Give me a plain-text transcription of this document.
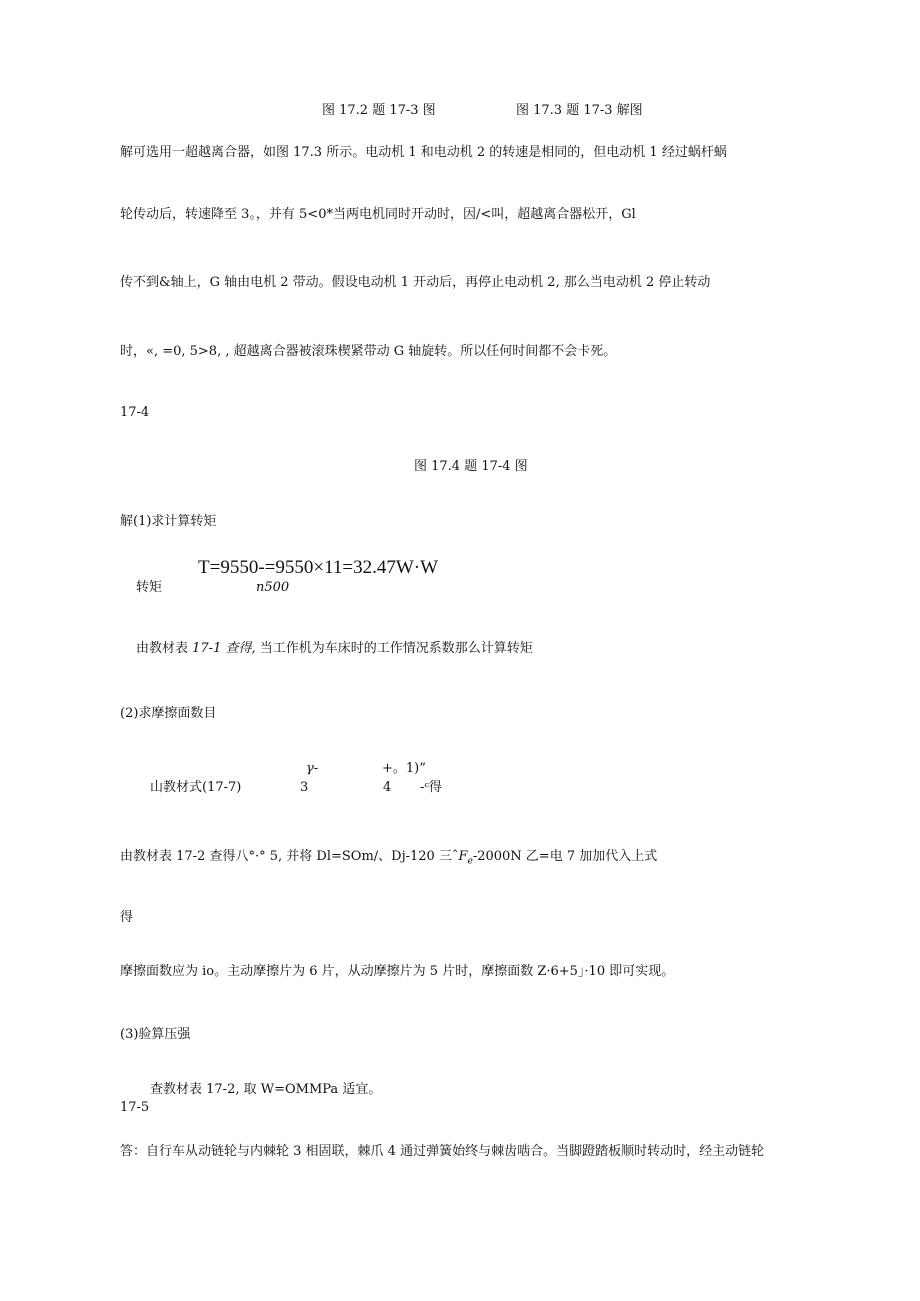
图 17.2 题 17-3 图	图 17.3 题 17-3 解图
解可选用一超越离合器，如图 17.3 所示。电动机 1 和电动机 2 的转速是相同的，但电动机 1 经过蜗杆蜗
轮传动后，转速降至 3。，并有 5<0*当两电机同时开动时，因/<叫，超越离合器松开，Gl
传不到&轴上，G 轴由电机 2 带动。假设电动机 1 开动后，再停止电动机 2, 那么当电动机 2 停止转动
时，«, =0, 5>8, , 超越离合器被滚珠楔紧带动 G 轴旋转。所以任何时间都不会卡死。
17-4
图 17.4 题 17-4 图
解(1)求计算转矩
T=9550-=9550×11=32.47W·W
转矩	n500
由教材表 17-1 查得, 当工作机为车床时的工作情况系数那么计算转矩
(2)求摩擦面数目
γ-	+。1)”
山教材式(17-7)	3	4 -ᶜ得
由教材表 17-2 查得八°·° 5, 并将 Dl=SOm/、Dj-120 三ˆF$_e$-2000N 乙=电 7 加加代入上式
得
摩擦面数应为 io。主动摩擦片为 6 片，从动摩擦片为 5 片时，摩擦面数 Z·6+5」·10 即可实现。
(3)验算压强
查教材表 17-2, 取 W=OMMPa 适宜。
17-5
答：自行车从动链轮与内棘轮 3 相固联，棘爪 4 通过弹簧始终与棘齿啮合。当脚蹬踏板顺时转动时，经主动链轮
